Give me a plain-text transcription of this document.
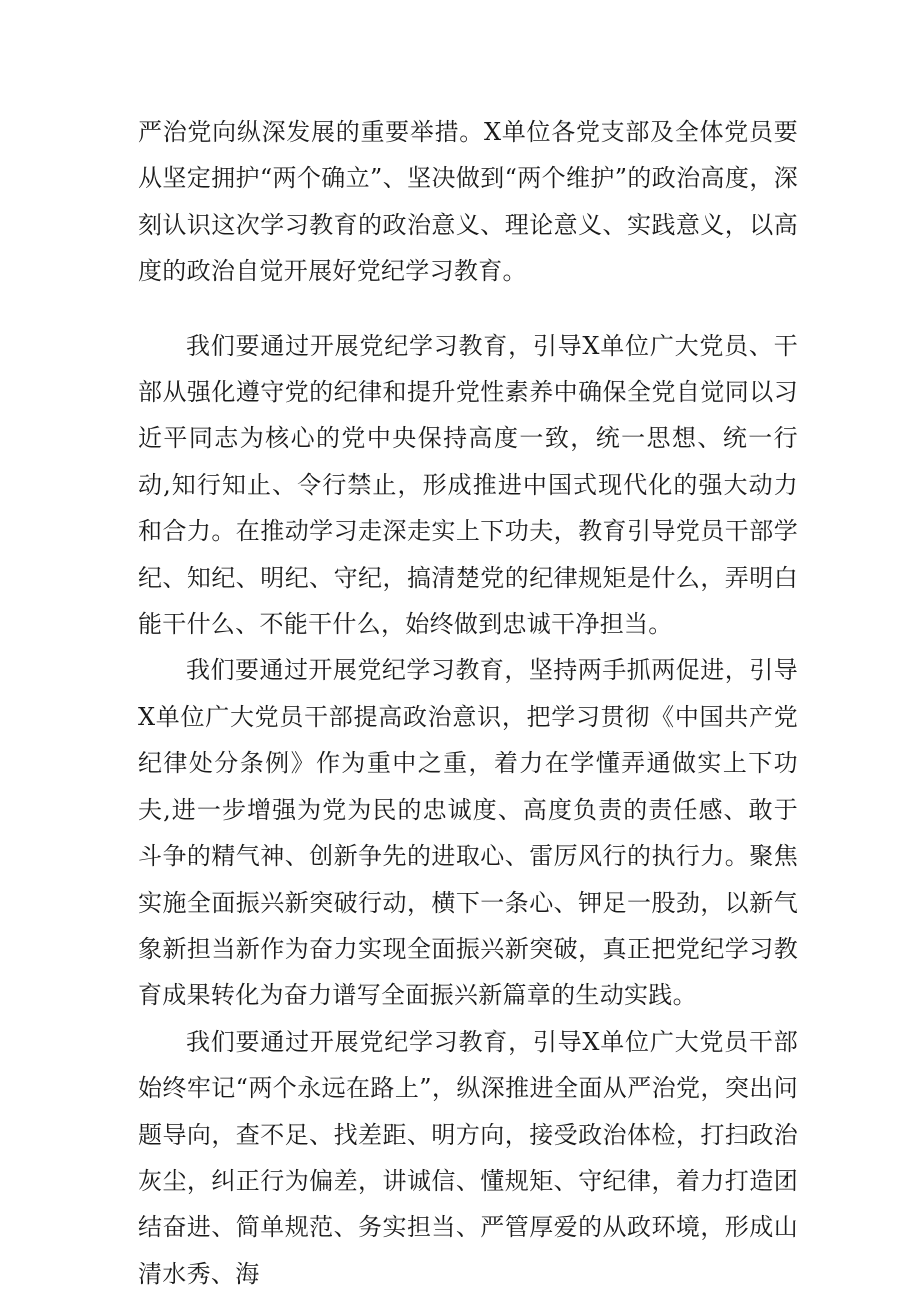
严治党向纵深发展的重要举措。X单位各党支部及全体党员要从坚定拥护“两个确立”、坚决做到“两个维护”的政治高度，深刻认识这次学习教育的政治意义、理论意义、实践意义，以高度的政治自觉开展好党纪学习教育。

我们要通过开展党纪学习教育，引导X单位广大党员、干部从强化遵守党的纪律和提升党性素养中确保全党自觉同以习近平同志为核心的党中央保持高度一致，统一思想、统一行动,知行知止、令行禁止，形成推进中国式现代化的强大动力和合力。在推动学习走深走实上下功夫，教育引导党员干部学纪、知纪、明纪、守纪，搞清楚党的纪律规矩是什么，弄明白能干什么、不能干什么，始终做到忠诚干净担当。

我们要通过开展党纪学习教育，坚持两手抓两促进，引导X单位广大党员干部提高政治意识，把学习贯彻《中国共产党纪律处分条例》作为重中之重，着力在学懂弄通做实上下功夫,进一步增强为党为民的忠诚度、高度负责的责任感、敢于斗争的精气神、创新争先的进取心、雷厉风行的执行力。聚焦实施全面振兴新突破行动，横下一条心、钾足一股劲，以新气象新担当新作为奋力实现全面振兴新突破，真正把党纪学习教育成果转化为奋力谱写全面振兴新篇章的生动实践。

我们要通过开展党纪学习教育，引导X单位广大党员干部始终牢记“两个永远在路上”，纵深推进全面从严治党，突出问题导向，查不足、找差距、明方向，接受政治体检，打扫政治灰尘，纠正行为偏差，讲诚信、懂规矩、守纪律，着力打造团结奋进、简单规范、务实担当、严管厚爱的从政环境，形成山清水秀、海
